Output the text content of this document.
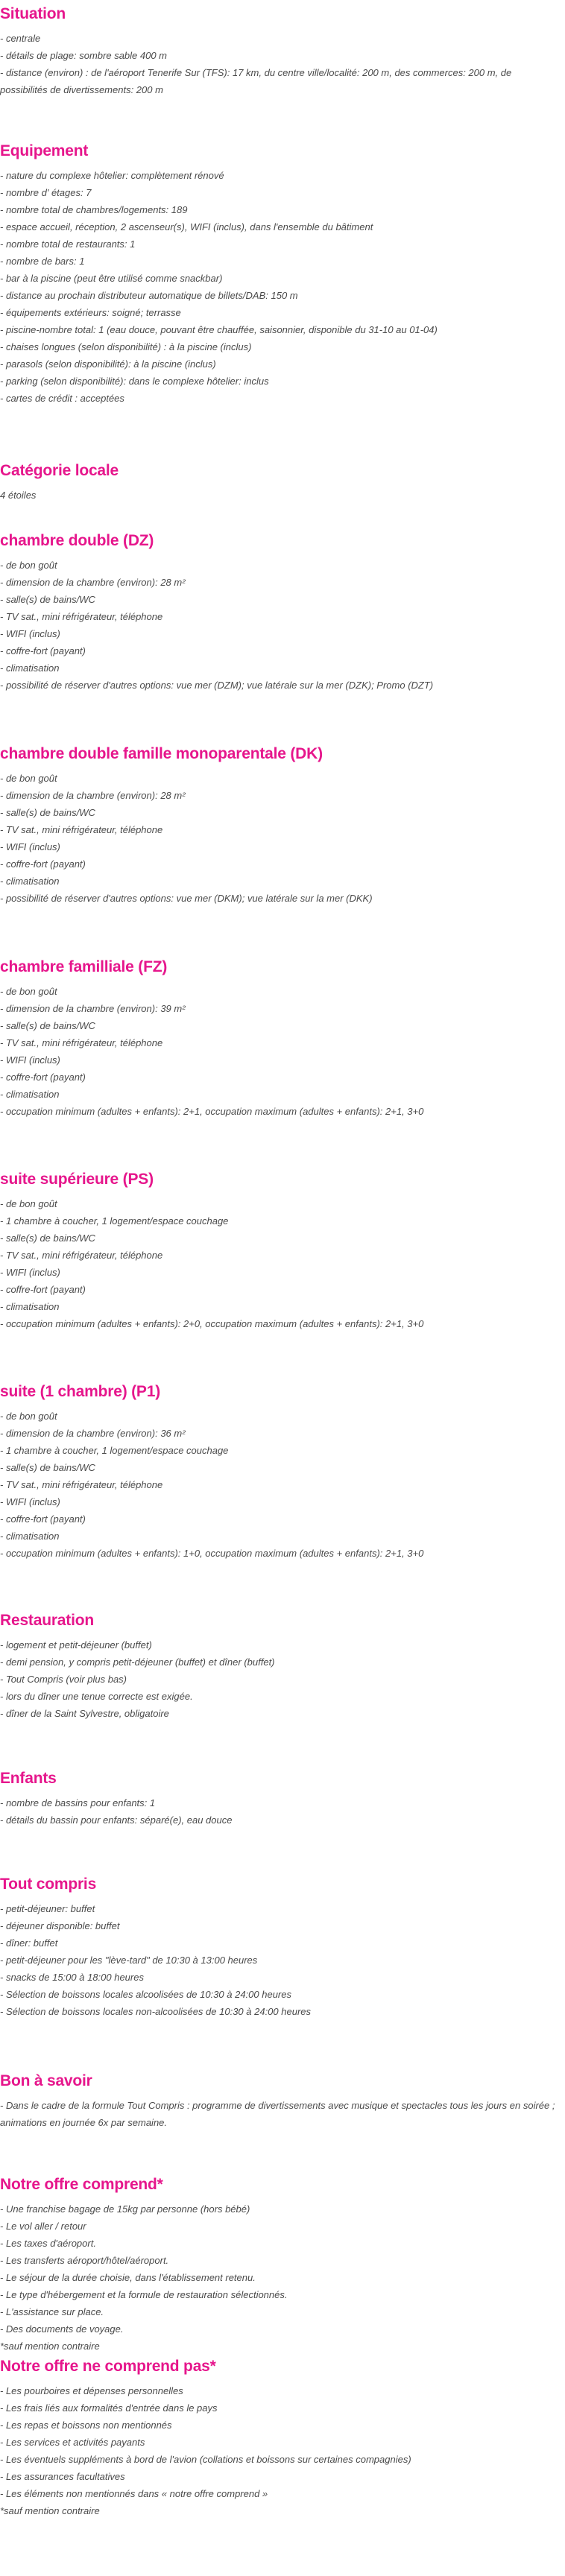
Situation
- centrale
- détails de plage: sombre sable 400 m
- distance (environ) : de l'aéroport Tenerife Sur (TFS): 17 km, du centre ville/localité: 200 m, des commerces: 200 m, de possibilités de divertissements: 200 m
Equipement
- nature du complexe hôtelier: complètement rénové
- nombre d' étages: 7
- nombre total de chambres/logements: 189
- espace accueil, réception, 2 ascenseur(s), WIFI (inclus), dans l'ensemble du bâtiment
- nombre total de restaurants: 1
- nombre de bars: 1
- bar à la piscine (peut être utilisé comme snackbar)
- distance au prochain distributeur automatique de billets/DAB: 150 m
- équipements extérieurs: soigné; terrasse
- piscine-nombre total: 1 (eau douce, pouvant être chauffée, saisonnier, disponible du 31-10 au 01-04)
- chaises longues (selon disponibilité) : à la piscine (inclus)
- parasols (selon disponibilité): à la piscine (inclus)
- parking (selon disponibilité): dans le complexe hôtelier: inclus
- cartes de crédit : acceptées
Catégorie locale
4 étoiles
chambre double (DZ)
- de bon goût
- dimension de la chambre (environ): 28 m²
- salle(s) de bains/WC
- TV sat., mini réfrigérateur, téléphone
- WIFI (inclus)
- coffre-fort (payant)
- climatisation
- possibilité de réserver d'autres options: vue mer (DZM); vue latérale sur la mer (DZK); Promo (DZT)
chambre double famille monoparentale (DK)
- de bon goût
- dimension de la chambre (environ): 28 m²
- salle(s) de bains/WC
- TV sat., mini réfrigérateur, téléphone
- WIFI (inclus)
- coffre-fort (payant)
- climatisation
- possibilité de réserver d'autres options: vue mer (DKM); vue latérale sur la mer (DKK)
chambre familliale (FZ)
- de bon goût
- dimension de la chambre (environ): 39 m²
- salle(s) de bains/WC
- TV sat., mini réfrigérateur, téléphone
- WIFI (inclus)
- coffre-fort (payant)
- climatisation
- occupation minimum (adultes + enfants): 2+1, occupation maximum (adultes + enfants): 2+1, 3+0
suite supérieure (PS)
- de bon goût
- 1 chambre à coucher, 1 logement/espace couchage
- salle(s) de bains/WC
- TV sat., mini réfrigérateur, téléphone
- WIFI (inclus)
- coffre-fort (payant)
- climatisation
- occupation minimum (adultes + enfants): 2+0, occupation maximum (adultes + enfants): 2+1, 3+0
suite (1 chambre) (P1)
- de bon goût
- dimension de la chambre (environ): 36 m²
- 1 chambre à coucher, 1 logement/espace couchage
- salle(s) de bains/WC
- TV sat., mini réfrigérateur, téléphone
- WIFI (inclus)
- coffre-fort (payant)
- climatisation
- occupation minimum (adultes + enfants): 1+0, occupation maximum (adultes + enfants): 2+1, 3+0
Restauration
- logement et petit-déjeuner (buffet)
- demi pension, y compris petit-déjeuner (buffet) et dîner (buffet)
- Tout Compris (voir plus bas)
- lors du dîner une tenue correcte est exigée.
- dîner de la Saint Sylvestre, obligatoire
Enfants
- nombre de bassins pour enfants: 1
- détails du bassin pour enfants: séparé(e), eau douce
Tout compris
- petit-déjeuner: buffet
- déjeuner disponible: buffet
- dîner: buffet
- petit-déjeuner pour les "lève-tard" de 10:30 à 13:00 heures
- snacks de 15:00 à 18:00 heures
- Sélection de boissons locales alcoolisées de 10:30 à 24:00 heures
- Sélection de boissons locales non-alcoolisées de 10:30 à 24:00 heures
Bon à savoir
- Dans le cadre de la formule Tout Compris : programme de divertissements avec musique et spectacles tous les jours en soirée ; animations en journée 6x par semaine.
Notre offre comprend*
- Une franchise bagage de 15kg par personne (hors bébé)
- Le vol aller / retour
- Les taxes d'aéroport.
- Les transferts aéroport/hôtel/aéroport.
- Le séjour de la durée choisie, dans l'établissement retenu.
- Le type d'hébergement et la formule de restauration sélectionnés.
- L'assistance sur place.
- Des documents de voyage.
*sauf mention contraire
Notre offre ne comprend pas*
- Les pourboires et dépenses personnelles
- Les frais liés aux formalités d'entrée dans le pays
- Les repas et boissons non mentionnés
- Les services et activités payants
- Les éventuels suppléments à bord de l'avion (collations et boissons sur certaines compagnies)
- Les assurances facultatives
- Les éléments non mentionnés dans « notre offre comprend »
*sauf mention contraire
